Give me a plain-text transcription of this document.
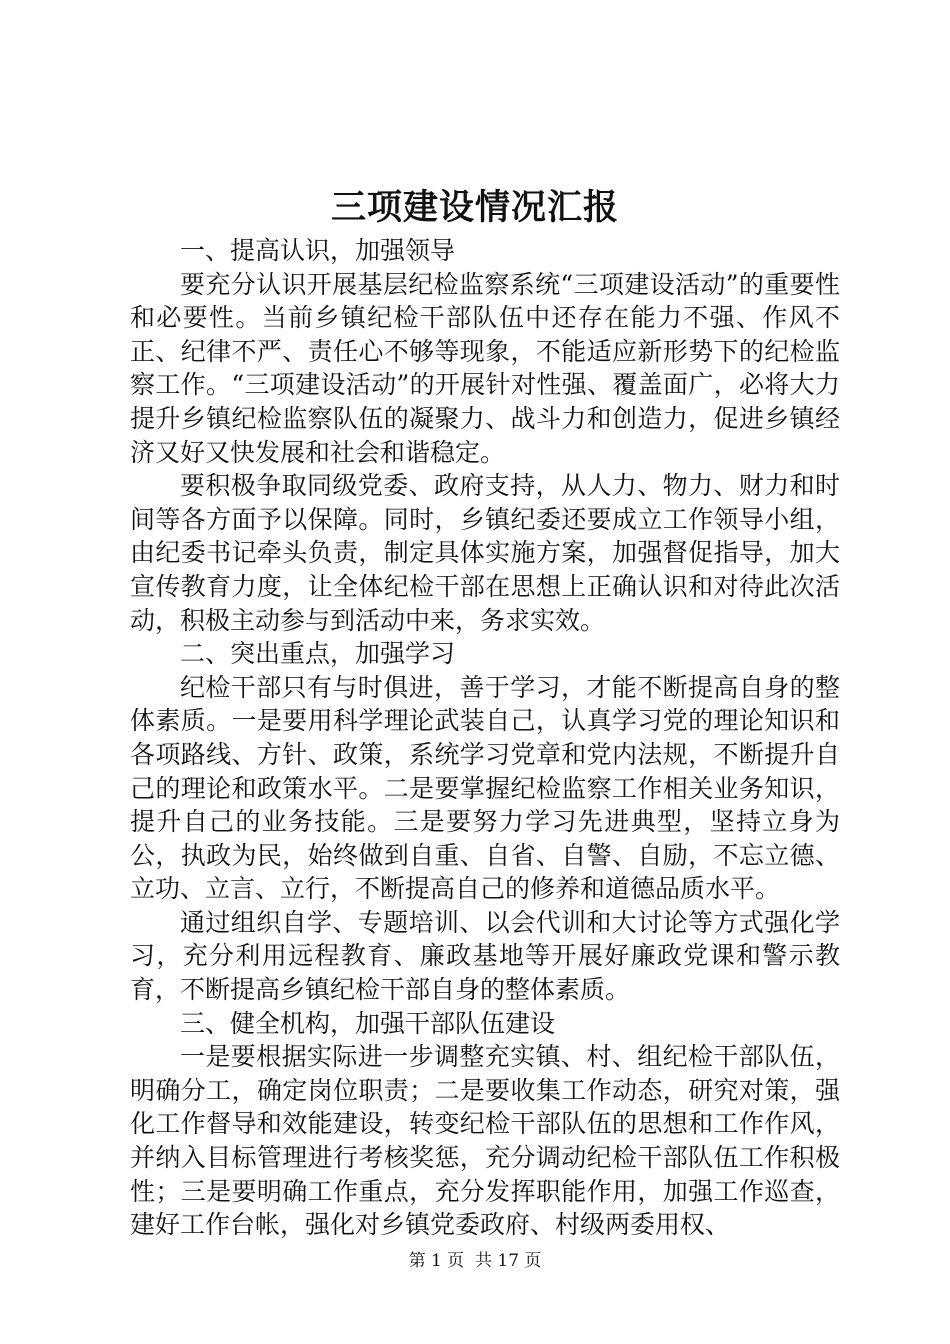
三项建设情况汇报

一、提高认识，加强领导

要充分认识开展基层纪检监察系统“三项建设活动”的重要性和必要性。当前乡镇纪检干部队伍中还存在能力不强、作风不正、纪律不严、责任心不够等现象，不能适应新形势下的纪检监察工作。“三项建设活动”的开展针对性强、覆盖面广，必将大力提升乡镇纪检监察队伍的凝聚力、战斗力和创造力，促进乡镇经济又好又快发展和社会和谐稳定。

要积极争取同级党委、政府支持，从人力、物力、财力和时间等各方面予以保障。同时，乡镇纪委还要成立工作领导小组，由纪委书记牵头负责，制定具体实施方案，加强督促指导，加大宣传教育力度，让全体纪检干部在思想上正确认识和对待此次活动，积极主动参与到活动中来，务求实效。

二、突出重点，加强学习

纪检干部只有与时俱进，善于学习，才能不断提高自身的整体素质。一是要用科学理论武装自己，认真学习党的理论知识和各项路线、方针、政策，系统学习党章和党内法规，不断提升自己的理论和政策水平。二是要掌握纪检监察工作相关业务知识，提升自己的业务技能。三是要努力学习先进典型，坚持立身为公，执政为民，始终做到自重、自省、自警、自励，不忘立德、立功、立言、立行，不断提高自己的修养和道德品质水平。

通过组织自学、专题培训、以会代训和大讨论等方式强化学习，充分利用远程教育、廉政基地等开展好廉政党课和警示教育，不断提高乡镇纪检干部自身的整体素质。

三、健全机构，加强干部队伍建设

一是要根据实际进一步调整充实镇、村、组纪检干部队伍，明确分工，确定岗位职责；二是要收集工作动态，研究对策，强化工作督导和效能建设，转变纪检干部队伍的思想和工作作风，并纳入目标管理进行考核奖惩，充分调动纪检干部队伍工作积极性；三是要明确工作重点，充分发挥职能作用，加强工作巡查，建好工作台帐，强化对乡镇党委政府、村级两委用权、

第 1 页  共 17 页
